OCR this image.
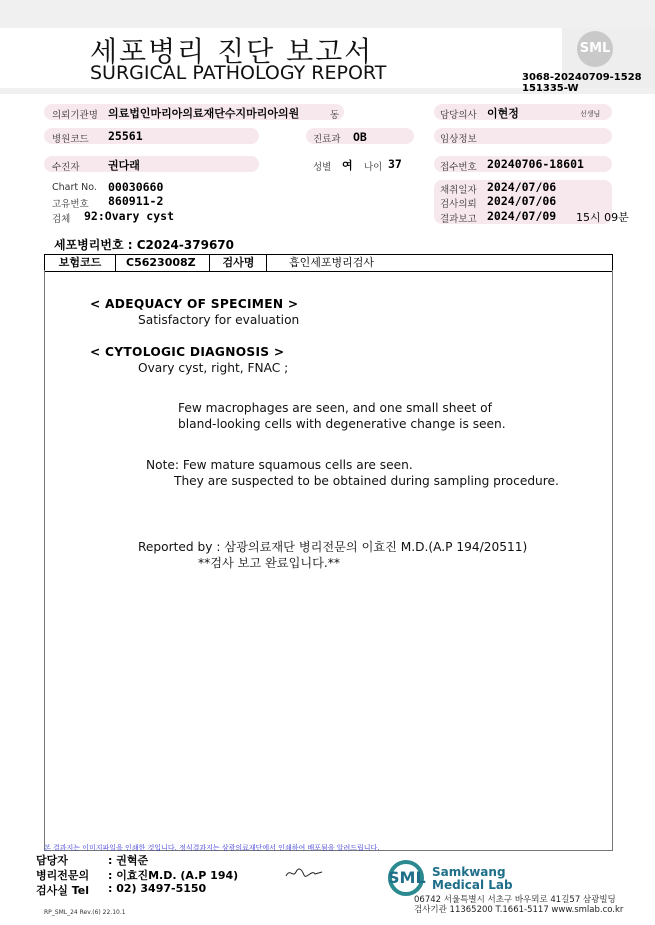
세포병리 진단 보고서
SURGICAL PATHOLOGY REPORT
SML
3068-20240709-1528
151335-W
의뢰기관명 의료법인마리아의료재단수지마리아의원	동	담당의사 이현정	선생님
병원코드 25561	진료과 OB	임상정보
수진자	권다래	성별 여 나이 37	접수번호 20240706-18601
Chart No. 00030660
고유번호 860911-2
검체 92:Ovary cyst
채취일자 2024/07/06
검사의뢰 2024/07/06
결과보고 2024/07/09 15시 09분
세포병리번호 : C2024-379670
보험코드	C5623008Z	검사명	흡인세포병리검사
< ADEQUACY OF SPECIMEN >
Satisfactory for evaluation
< CYTOLOGIC DIAGNOSIS >
Ovary cyst, right, FNAC ;
Few macrophages are seen, and one small sheet of
bland-looking cells with degenerative change is seen.
Note: Few mature squamous cells are seen.
They are suspected to be obtained during sampling procedure.
Reported by : 삼광의료재단 병리전문의 이효진 M.D.(A.P 194/20511)
**검사 보고 완료입니다.**
본 결과지는 이미지파일을 인쇄한 것입니다. 정식결과지는 삼광의료재단에서 인쇄하여 배포됨을 알려드립니다.
담당자	: 권혁준
병리전문의 : 이효진M.D. (A.P 194)
검사실 Tel : 02) 3497-5150
SML Samkwang
Medical Lab
06742 서울특별시 서초구 바우뫼로 41길57 삼광빌딩
검사기관 11365200 T.1661-5117 www.smlab.co.kr
RP_SML_24 Rev.(6) 22.10.1
